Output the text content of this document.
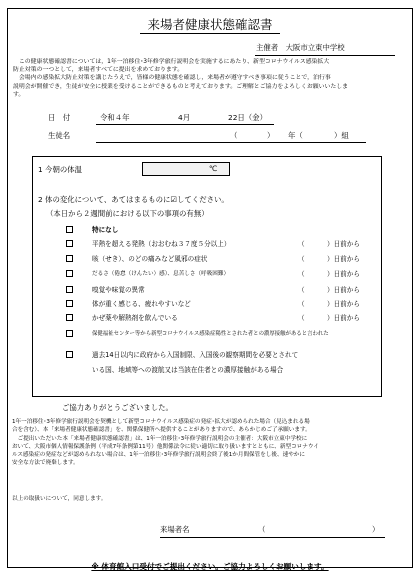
来場者健康状態確認書
主催者　大阪市立東中学校
　この健康状態確認書については，1年一泊移住･3年修学旅行説明会を実施するにあたり、新型コロナウイルス感染拡大
防止対策の一つとして，来場者すべてに提出を求めております。
　会場内の感染拡大防止対策を講じたうえで，皆様の健康状態を確認し，来場者が遵守すべき事項に従うことで，泊行事
説明会が開催でき，生徒が安全に授業を受けることができるものと考えております。ご理解とご協力をよろしくお願いいたしま
す。
日　付	令和４年	4月	22日（金）
生徒名	（　　　　） 年（	）組
1 今朝の体温	℃
2 体の変化について、あてはまるものに☑してください。
（本日から２週間前における以下の事項の有無）
特になし
平熱を超える発熱（おおむね３７度５分以上）	（	）日前から
咳（せき）、のどの痛みなど風邪の症状	（	）日前から
だるさ（倦怠（けんたい）感）、息苦しさ（呼吸困難）	（	）日前から
嗅覚や味覚の異常	（	）日前から
体が重く感じる、疲れやすいなど	（	）日前から
かぜ薬や解熱剤を飲んでいる	（	）日前から
保健福祉センター等から新型コロナウイルス感染症陽性とされた者との濃厚接触があると言われた
過去14日以内に政府から入国制限、入国後の観察期間を必要とされて
いる国、地域等への渡航又は当該在住者との濃厚接触がある場合
ご協力ありがとうございました。
1年一泊移住･3年修学旅行説明会を契機として新型コロナウイルス感染症の発症･拡大が認められた場合（見込まれる場
合を含む）、本「来場者健康状態確認書」を、関係保健所へ提供することがありますので、あらかじめご了承願います。
　ご提出いただいた本「来場者健康状態確認書」は、1年一泊移住･3年修学旅行説明会の主催者：大阪市立東中学校に
おいて、大阪市個人情報保護条例（平成7年条例第11号）他関係法令に従い適切に取り扱いますとともに、新型コロナウイ
ルス感染症の発症などが認められない場合は、1年一泊移住･3年修学旅行説明会終了後1か月間保管をし後、速やかに
安全な方法で廃棄します。
以上の取扱いについて，同意します。
来場者名	（	）
※ 体育館入口受付でご提出ください。ご協力よろしくお願いします。
